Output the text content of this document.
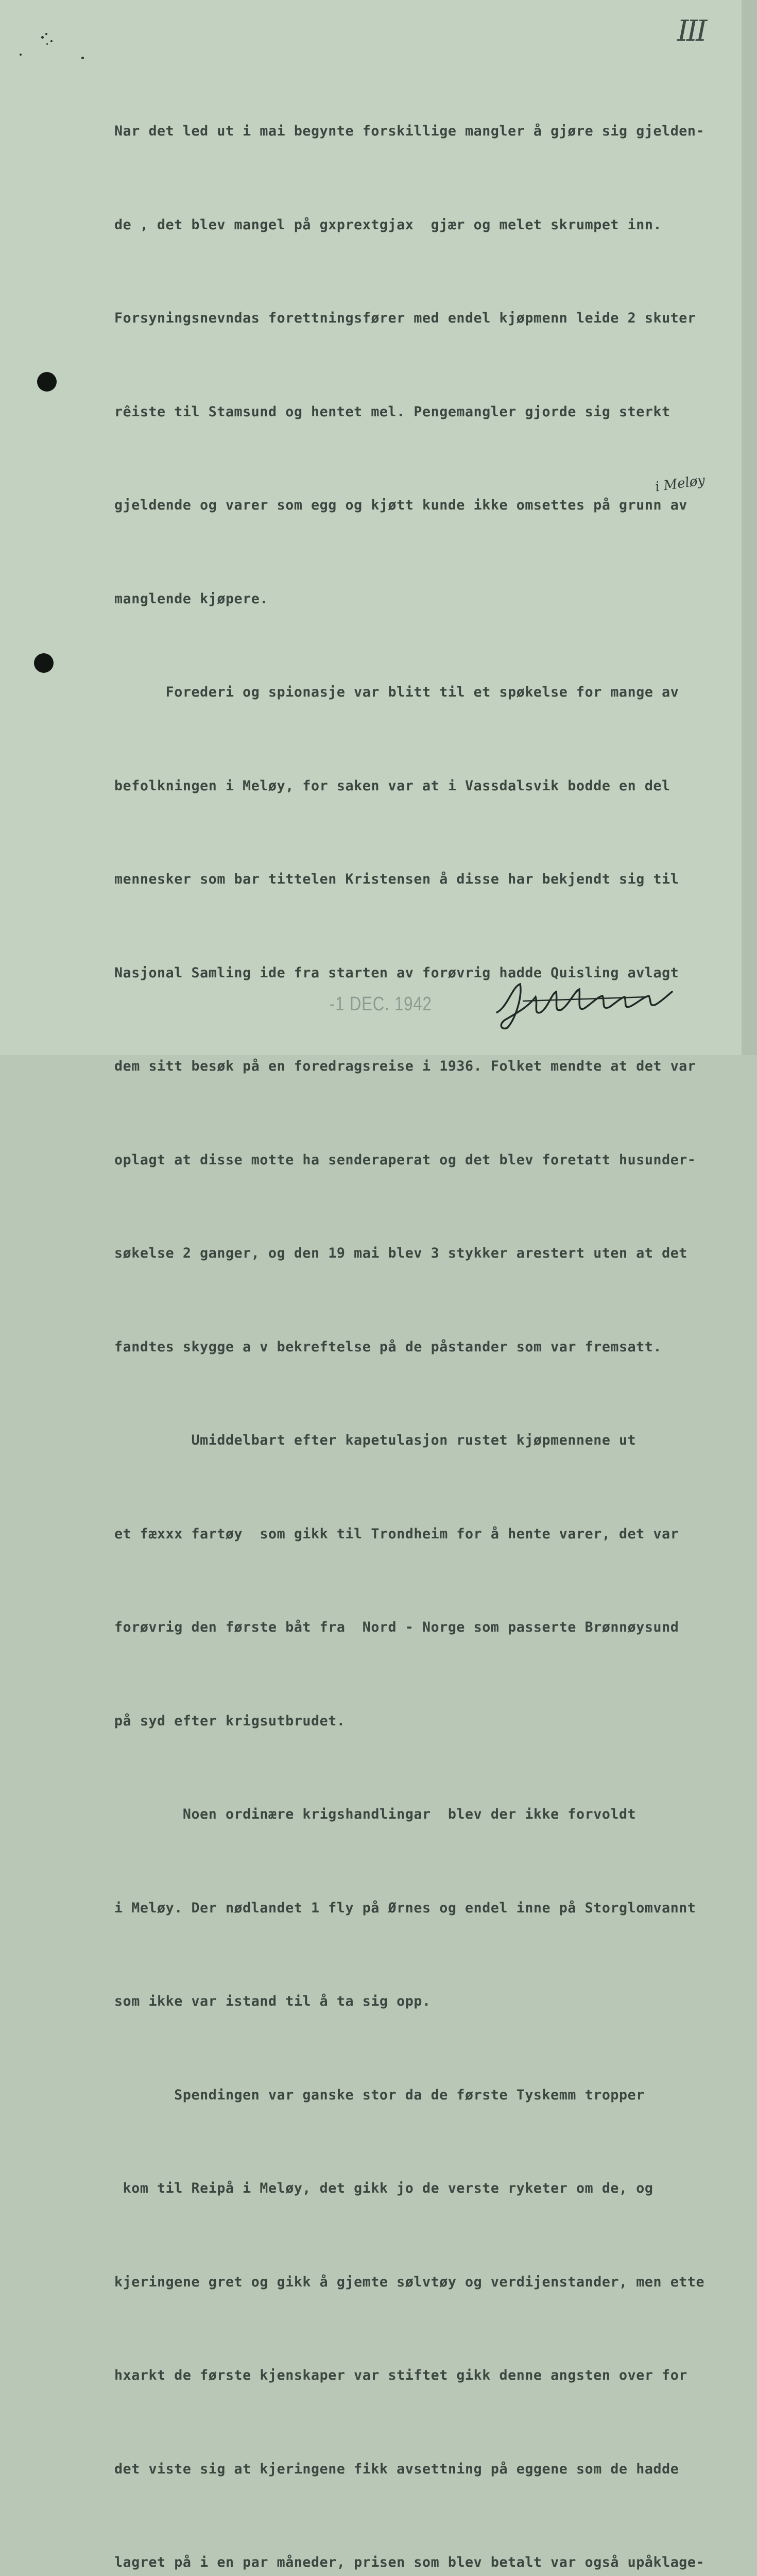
III

Nar det led ut i mai begynte forskillige mangler å gjøre sig gjelden-

de , det blev mangel på gxprextgjax  gjær og melet skrumpet inn.

Forsyningsnevndas forettningsfører med endel kjøpmenn leide 2 skuter

rêiste til Stamsund og hentet mel. Pengemangler gjorde sig sterkt

gjeldende og varer som egg og kjøtt kunde ikke omsettes på grunn av

manglende kjøpere.

Forederi og spionasje var blitt til et spøkelse for mange av

befolkningen i Meløy, for saken var at i Vassdalsvik bodde en del

mennesker som bar tittelen Kristensen å disse har bekjendt sig til

Nasjonal Samling ide fra starten av forøvrig hadde Quisling avlagt

dem sitt besøk på en foredragsreise i 1936. Folket mendte at det var

oplagt at disse motte ha senderaperat og det blev foretatt husunder-

søkelse 2 ganger, og den 19 mai blev 3 stykker arestert uten at det

fandtes skygge a v bekreftelse på de påstander som var fremsatt.

Umiddelbart efter kapetulasjon rustet kjøpmennene ut

et fæxxx fartøy  som gikk til Trondheim for å hente varer, det var

forøvrig den første båt fra  Nord - Norge som passerte Brønnøysund

på syd efter krigsutbrudet.

Noen ordinære krigshandlingar  blev der ikke forvoldt

i Meløy. Der nødlandet 1 fly på Ørnes og endel inne på Storglomvannt

som ikke var istand til å ta sig opp.

Spendingen var ganske stor da de første Tyskemm tropper

kom til Reipå i Meløy, det gikk jo de verste ryketer om de, og

kjeringene gret og gikk å gjemte sølvtøy og verdijenstander, men ette

hxarkt de første kjenskaper var stiftet gikk denne angsten over for

det viste sig at kjeringene fikk avsettning på eggene som de hadde

lagret på i en par måneder, prisen som blev betalt var også upåklage-

i Meløy
-1 DEC. 1942
